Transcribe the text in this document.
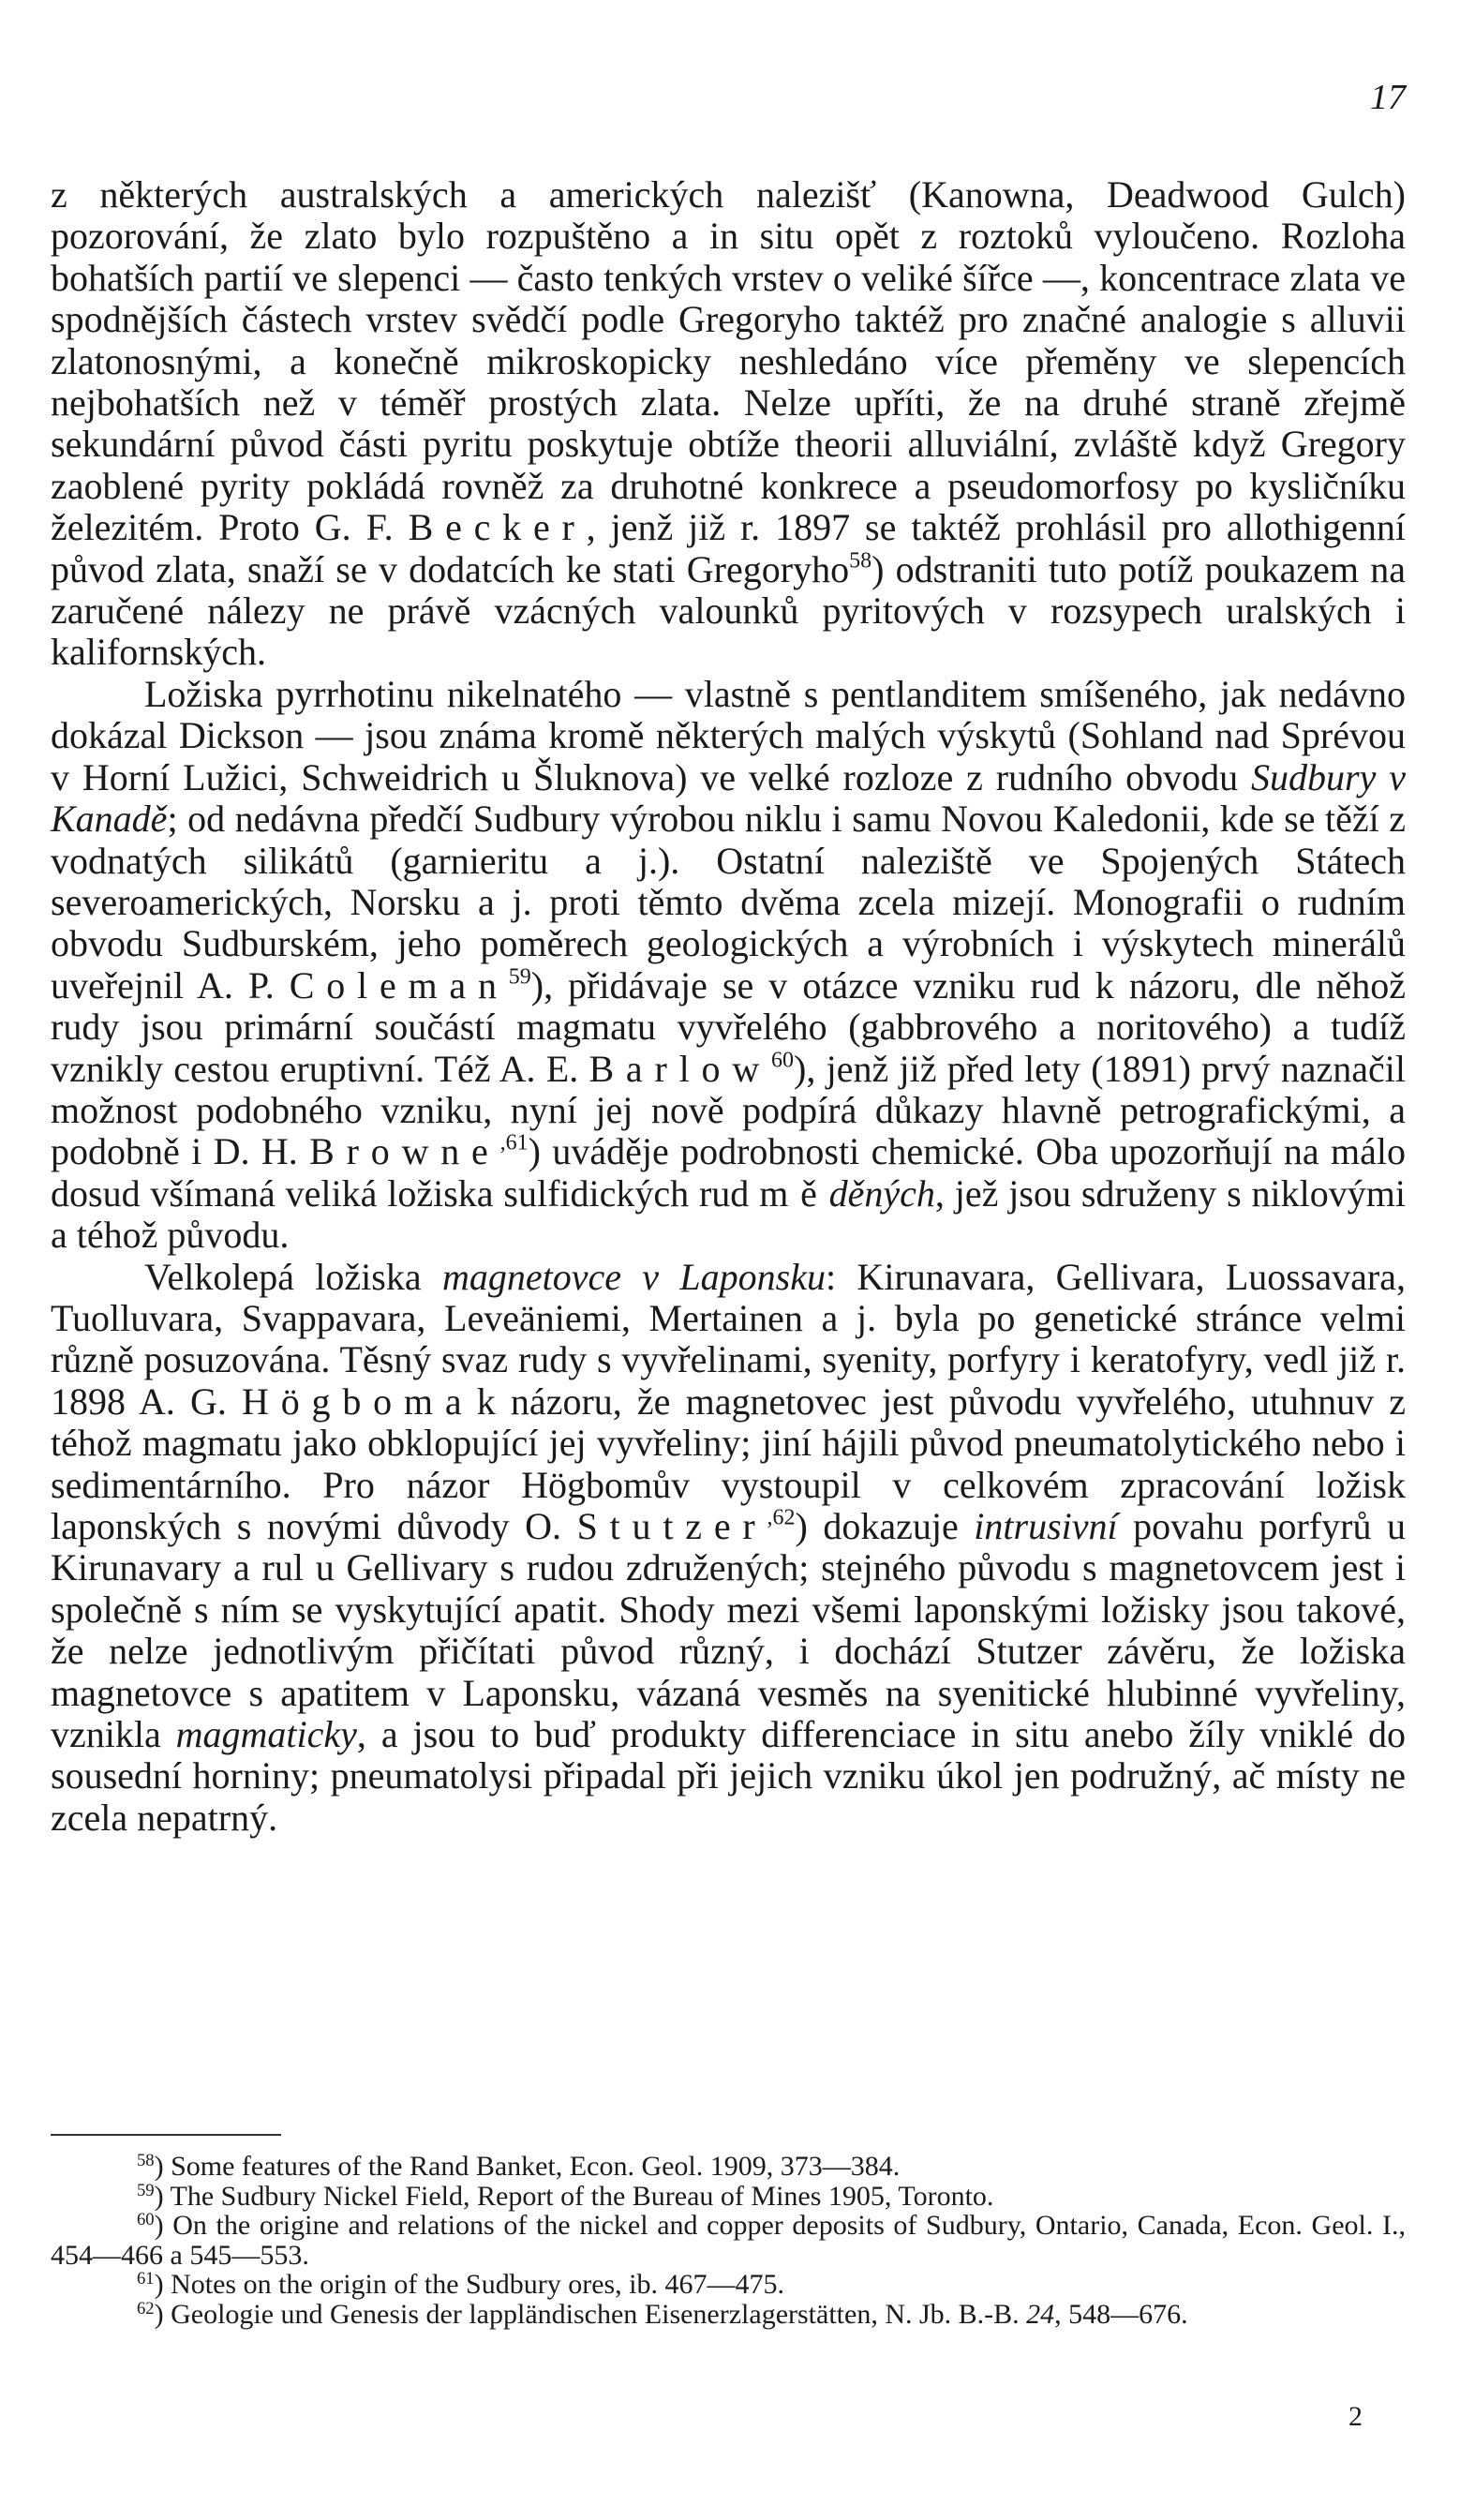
17

z některých australských a amerických nalezišť (Kanowna, Deadwood Gulch) pozorování, že zlato bylo rozpuštěno a in situ opět z roztoků vyloučeno. Rozloha bohatších partií ve slepenci — často tenkých vrstev o veliké šířce —, koncentrace zlata ve spodnějších částech vrstev svědčí podle Gregoryho taktéž pro značné analogie s alluvii zlatonosnými, a konečně mikroskopicky neshledáno více přeměny ve slepencích nejbohatších než v téměř prostých zlata. Nelze upříti, že na druhé straně zřejmě sekundární původ části pyritu poskytuje obtíže theorii alluviální, zvláště když Gregory zaoblené pyrity pokládá rovněž za druhotné konkrece a pseudomorfosy po kysličníku železitém. Proto G. F. Becker, jenž již r. 1897 se taktéž prohlásil pro allothigenní původ zlata, snaží se v dodatcích ke stati Gregoryho$^{58}$) odstraniti tuto potíž poukazem na zaručené nálezy ne právě vzácných valounků pyritových v rozsypech uralských i kalifornských.

Ložiska pyrrhotinu nikelnatého — vlastně s pentlanditem smíšeného, jak nedávno dokázal Dickson — jsou známa kromě některých malých výskytů (Sohland nad Sprévou v Horní Lužici, Schweidrich u Šluknova) ve velké rozloze z rudního obvodu Sudbury v Kanadě; od nedávna předčí Sudbury výrobou niklu i samu Novou Kaledonii, kde se těží z vodnatých silikátů (garnieritu a j.). Ostatní naleziště ve Spojených Státech severoamerických, Norsku a j. proti těmto dvěma zcela mizejí. Monografii o rudním obvodu Sudburském, jeho poměrech geologických a výrobních i výskytech minerálů uveřejnil A. P. Coleman$^{59}$), přidávaje se v otázce vzniku rud k názoru, dle něhož rudy jsou primární součástí magmatu vyvřelého (gabbrového a noritového) a tudíž vznikly cestou eruptivní. Též A. E. Barlow$^{60}$), jenž již před lety (1891) prvý naznačil možnost podobného vzniku, nyní jej nově podpírá důkazy hlavně petrografickými, a podobně i D. H. Browne$^{,61}$) uváděje podrobnosti chemické. Oba upozorňují na málo dosud všímaná veliká ložiska sulfidických rud měděných, jež jsou sdruženy s niklovými a téhož původu.

Velkolepá ložiska magnetovce v Laponsku: Kirunavara, Gellivara, Luossavara, Tuolluvara, Svappavara, Leveäniemi, Mertainen a j. byla po genetické stránce velmi různě posuzována. Těsný svaz rudy s vyvřelinami, syenity, porfyry i keratofyry, vedl již r. 1898 A. G. Högboma k názoru, že magnetovec jest původu vyvřelého, utuhnuv z téhož magmatu jako obklopující jej vyvřeliny; jiní hájili původ pneumatolytického nebo i sedimentárního. Pro názor Högbomův vystoupil v celkovém zpracování ložisk laponských s novými důvody O. Stutzer$^{,62}$) dokazuje intrusivní povahu porfyrů u Kirunavary a rul u Gellivary s rudou združených; stejného původu s magnetovcem jest i společně s ním se vyskytující apatit. Shody mezi všemi laponskými ložisky jsou takové, že nelze jednotlivým přičítati původ různý, i dochází Stutzer závěru, že ložiska magnetovce s apatitem v Laponsku, vázaná vesměs na syenitické hlubinné vyvřeliny, vznikla magmaticky, a jsou to buď produkty differenciace in situ anebo žíly vniklé do sousední horniny; pneumatolysi připadal při jejich vzniku úkol jen podružný, ač místy ne zcela nepatrný.

$^{58}$) Some features of the Rand Banket, Econ. Geol. 1909, 373—384.

$^{59}$) The Sudbury Nickel Field, Report of the Bureau of Mines 1905, Toronto.

$^{60}$) On the origine and relations of the nickel and copper deposits of Sudbury, Ontario, Canada, Econ. Geol. I., 454—466 a 545—553.

$^{61}$) Notes on the origin of the Sudbury ores, ib. 467—475.

$^{62}$) Geologie und Genesis der lappländischen Eisenerzlagerstätten, N. Jb. B.-B. 24, 548—676.

2
